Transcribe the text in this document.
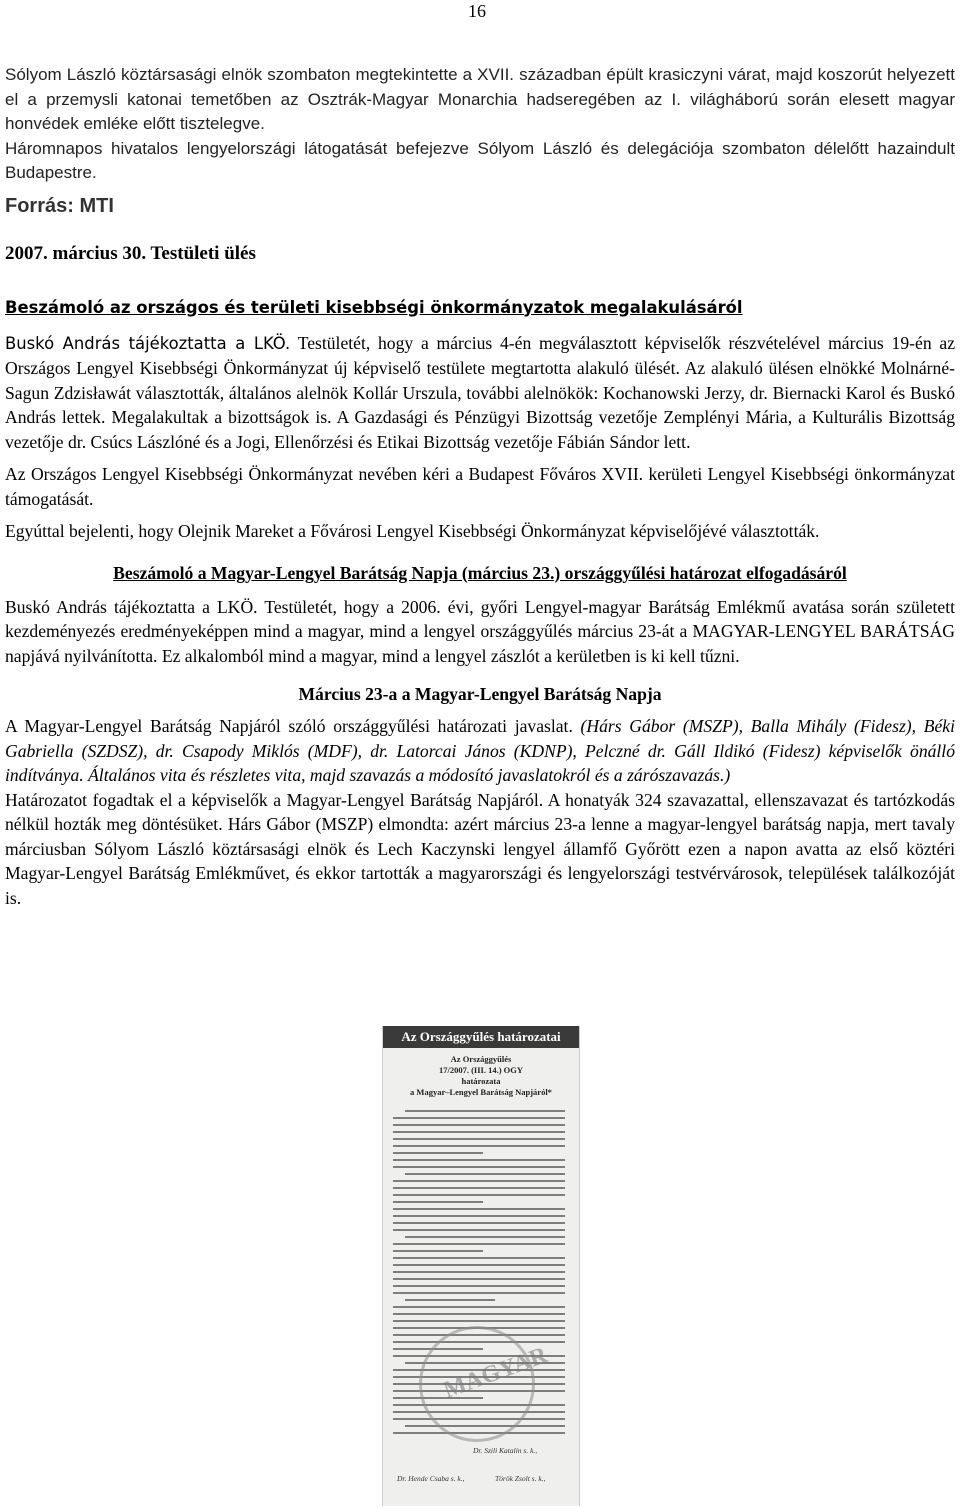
16

Sólyom László köztársasági elnök szombaton megtekintette a XVII. században épült krasiczyni várat, majd koszorút helyezett el a przemysli katonai temetőben az Osztrák-Magyar Monarchia hadseregében az I. világháború során elesett magyar honvédek emléke előtt tisztelegve.

Háromnapos hivatalos lengyelországi látogatását befejezve Sólyom László és delegációja szombaton délelőtt hazaindult Budapestre.

Forrás: MTI
2007. március 30. Testületi ülés
Beszámoló az országos és területi kisebbségi önkormányzatok megalakulásáról

Buskó András tájékoztatta a LKÖ. Testületét, hogy a március 4-én megválasztott képviselők részvételével március 19-én az Országos Lengyel Kisebbségi Önkormányzat új képviselő testülete megtartotta alakuló ülését. Az alakuló ülésen elnökké Molnárné-Sagun Zdzisławát választották, általános alelnök Kollár Urszula, további alelnökök: Kochanowski Jerzy, dr. Biernacki Karol és Buskó András lettek. Megalakultak a bizottságok is. A Gazdasági és Pénzügyi Bizottság vezetője Zemplényi Mária, a Kulturális Bizottság vezetője dr. Csúcs Lászlóné és a Jogi, Ellenőrzési és Etikai Bizottság vezetője Fábián Sándor lett.

Az Országos Lengyel Kisebbségi Önkormányzat nevében kéri a Budapest Főváros XVII. kerületi Lengyel Kisebbségi önkormányzat támogatását.

Egyúttal bejelenti, hogy Olejnik Mareket a Fővárosi Lengyel Kisebbségi Önkormányzat képviselőjévé választották.

Beszámoló a Magyar-Lengyel Barátság Napja (március 23.) országgyűlési határozat elfogadásáról

Buskó András tájékoztatta a LKÖ. Testületét, hogy a 2006. évi, győri Lengyel-magyar Barátság Emlékmű avatása során született kezdeményezés eredményeképpen mind a magyar, mind a lengyel országgyűlés március 23-át a MAGYAR-LENGYEL BARÁTSÁG napjává nyilvánította. Ez alkalomból mind a magyar, mind a lengyel zászlót a kerületben is ki kell tűzni.

Március 23-a a Magyar-Lengyel Barátság Napja

A Magyar-Lengyel Barátság Napjáról szóló országgyűlési határozati javaslat. (Hárs Gábor (MSZP), Balla Mihály (Fidesz), Béki Gabriella (SZDSZ), dr. Csapody Miklós (MDF), dr. Latorcai János (KDNP), Pelczné dr. Gáll Ildikó (Fidesz) képviselők önálló indítványa. Általános vita és részletes vita, majd szavazás a módosító javaslatokról és a zárószavazás.)

Határozatot fogadtak el a képviselők a Magyar-Lengyel Barátság Napjáról. A honatyák 324 szavazattal, ellenszavazat és tartózkodás nélkül hozták meg döntésüket. Hárs Gábor (MSZP) elmondta: azért március 23-a lenne a magyar-lengyel barátság napja, mert tavaly márciusban Sólyom László köztársasági elnök és Lech Kaczynski lengyel államfő Győrött ezen a napon avatta az első köztéri Magyar-Lengyel Barátság Emlékművet, és ekkor tartották a magyarországi és lengyelországi testvérvárosok, települések találkozóját is.

Az Országgyűlés határozatai
Az Országgyűlés
17/2007. (III. 14.) OGY
határozata
a Magyar–Lengyel Barátság Napjáról*
MAGYAR
Dr. Szili Katalin s. k.,
Dr. Hende Csaba s. k.,	Török Zsolt s. k.,
